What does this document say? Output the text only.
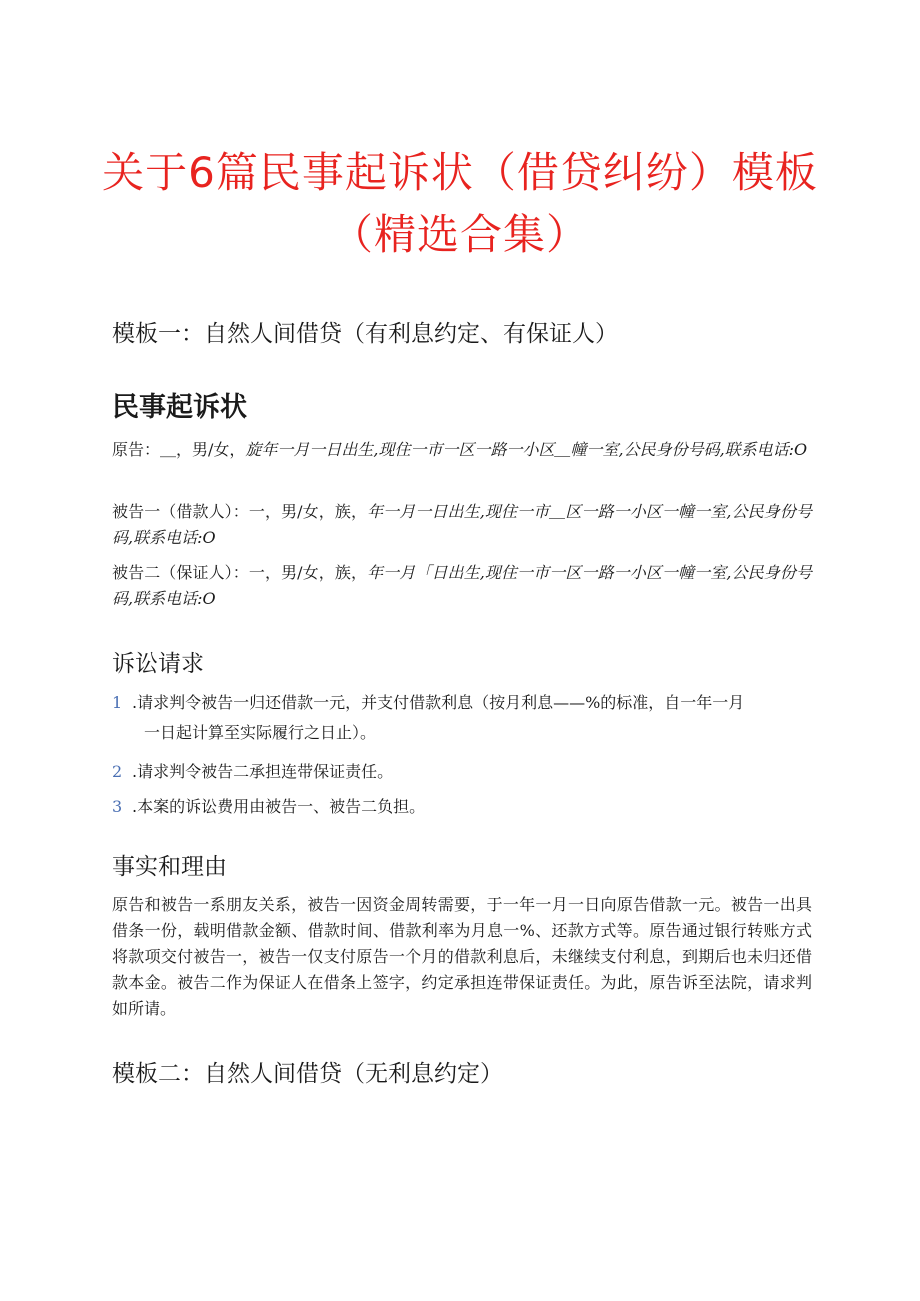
关于6篇民事起诉状（借贷纠纷）模板
（精选合集）
模板一：自然人间借贷（有利息约定、有保证人）
民事起诉状
原告：＿，男/女，旋年一月一日出生,现住一市一区一路一小区＿幢一室,公民身份号码,联系电话:O
被告一（借款人）：一，男/女，族，年一月一日出生,现住一市＿区一路一小区一幢一室,公民身份号码,联系电话:O
被告二（保证人）：一，男/女，族，年一月「日出生,现住一市一区一路一小区一幢一室,公民身份号码,联系电话:O
诉讼请求
1 .请求判令被告一归还借款一元，并支付借款利息（按月利息——%的标准，自一年一月
一日起计算至实际履行之日止）。
2 .请求判令被告二承担连带保证责任。
3 .本案的诉讼费用由被告一、被告二负担。
事实和理由
原告和被告一系朋友关系，被告一因资金周转需要，于一年一月一日向原告借款一元。被告一出具借条一份，载明借款金额、借款时间、借款利率为月息一%、还款方式等。原告通过银行转账方式将款项交付被告一，被告一仅支付原告一个月的借款利息后，未继续支付利息，到期后也未归还借款本金。被告二作为保证人在借条上签字，约定承担连带保证责任。为此，原告诉至法院，请求判如所请。
模板二：自然人间借贷（无利息约定）
